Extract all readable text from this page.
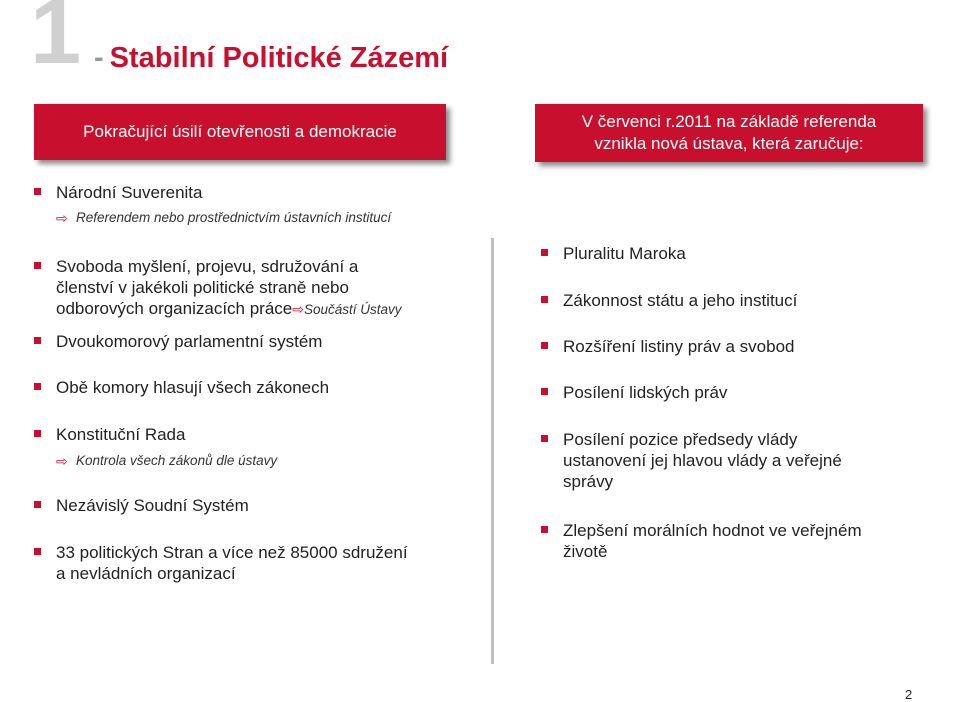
1 - Stabilní Politické Zázemí
Pokračující úsilí otevřenosti a demokracie
V červenci r.2011 na základě referenda
vznikla nová ústava, která zaručuje:
Národní Suverenita
⇨ Referendem nebo prostřednictvím ústavních institucí
Svoboda myšlení, projevu, sdružování a
členství v jakékoli politické straně nebo
odborových organizacích práce⇨Součástí Ústavy
Dvoukomorový parlamentní systém
Obě komory hlasují všech zákonech
Konstituční Rada
⇨ Kontrola všech zákonů dle ústavy
Nezávislý Soudní Systém
33 politických Stran a více než 85000 sdružení
a nevládních organizací
Pluralitu Maroka
Zákonnost státu a jeho institucí
Rozšíření listiny práv a svobod
Posílení lidských práv
Posílení pozice předsedy vlády
ustanovení jej hlavou vlády a veřejné
správy
Zlepšení morálních hodnot ve veřejném
životě
2
